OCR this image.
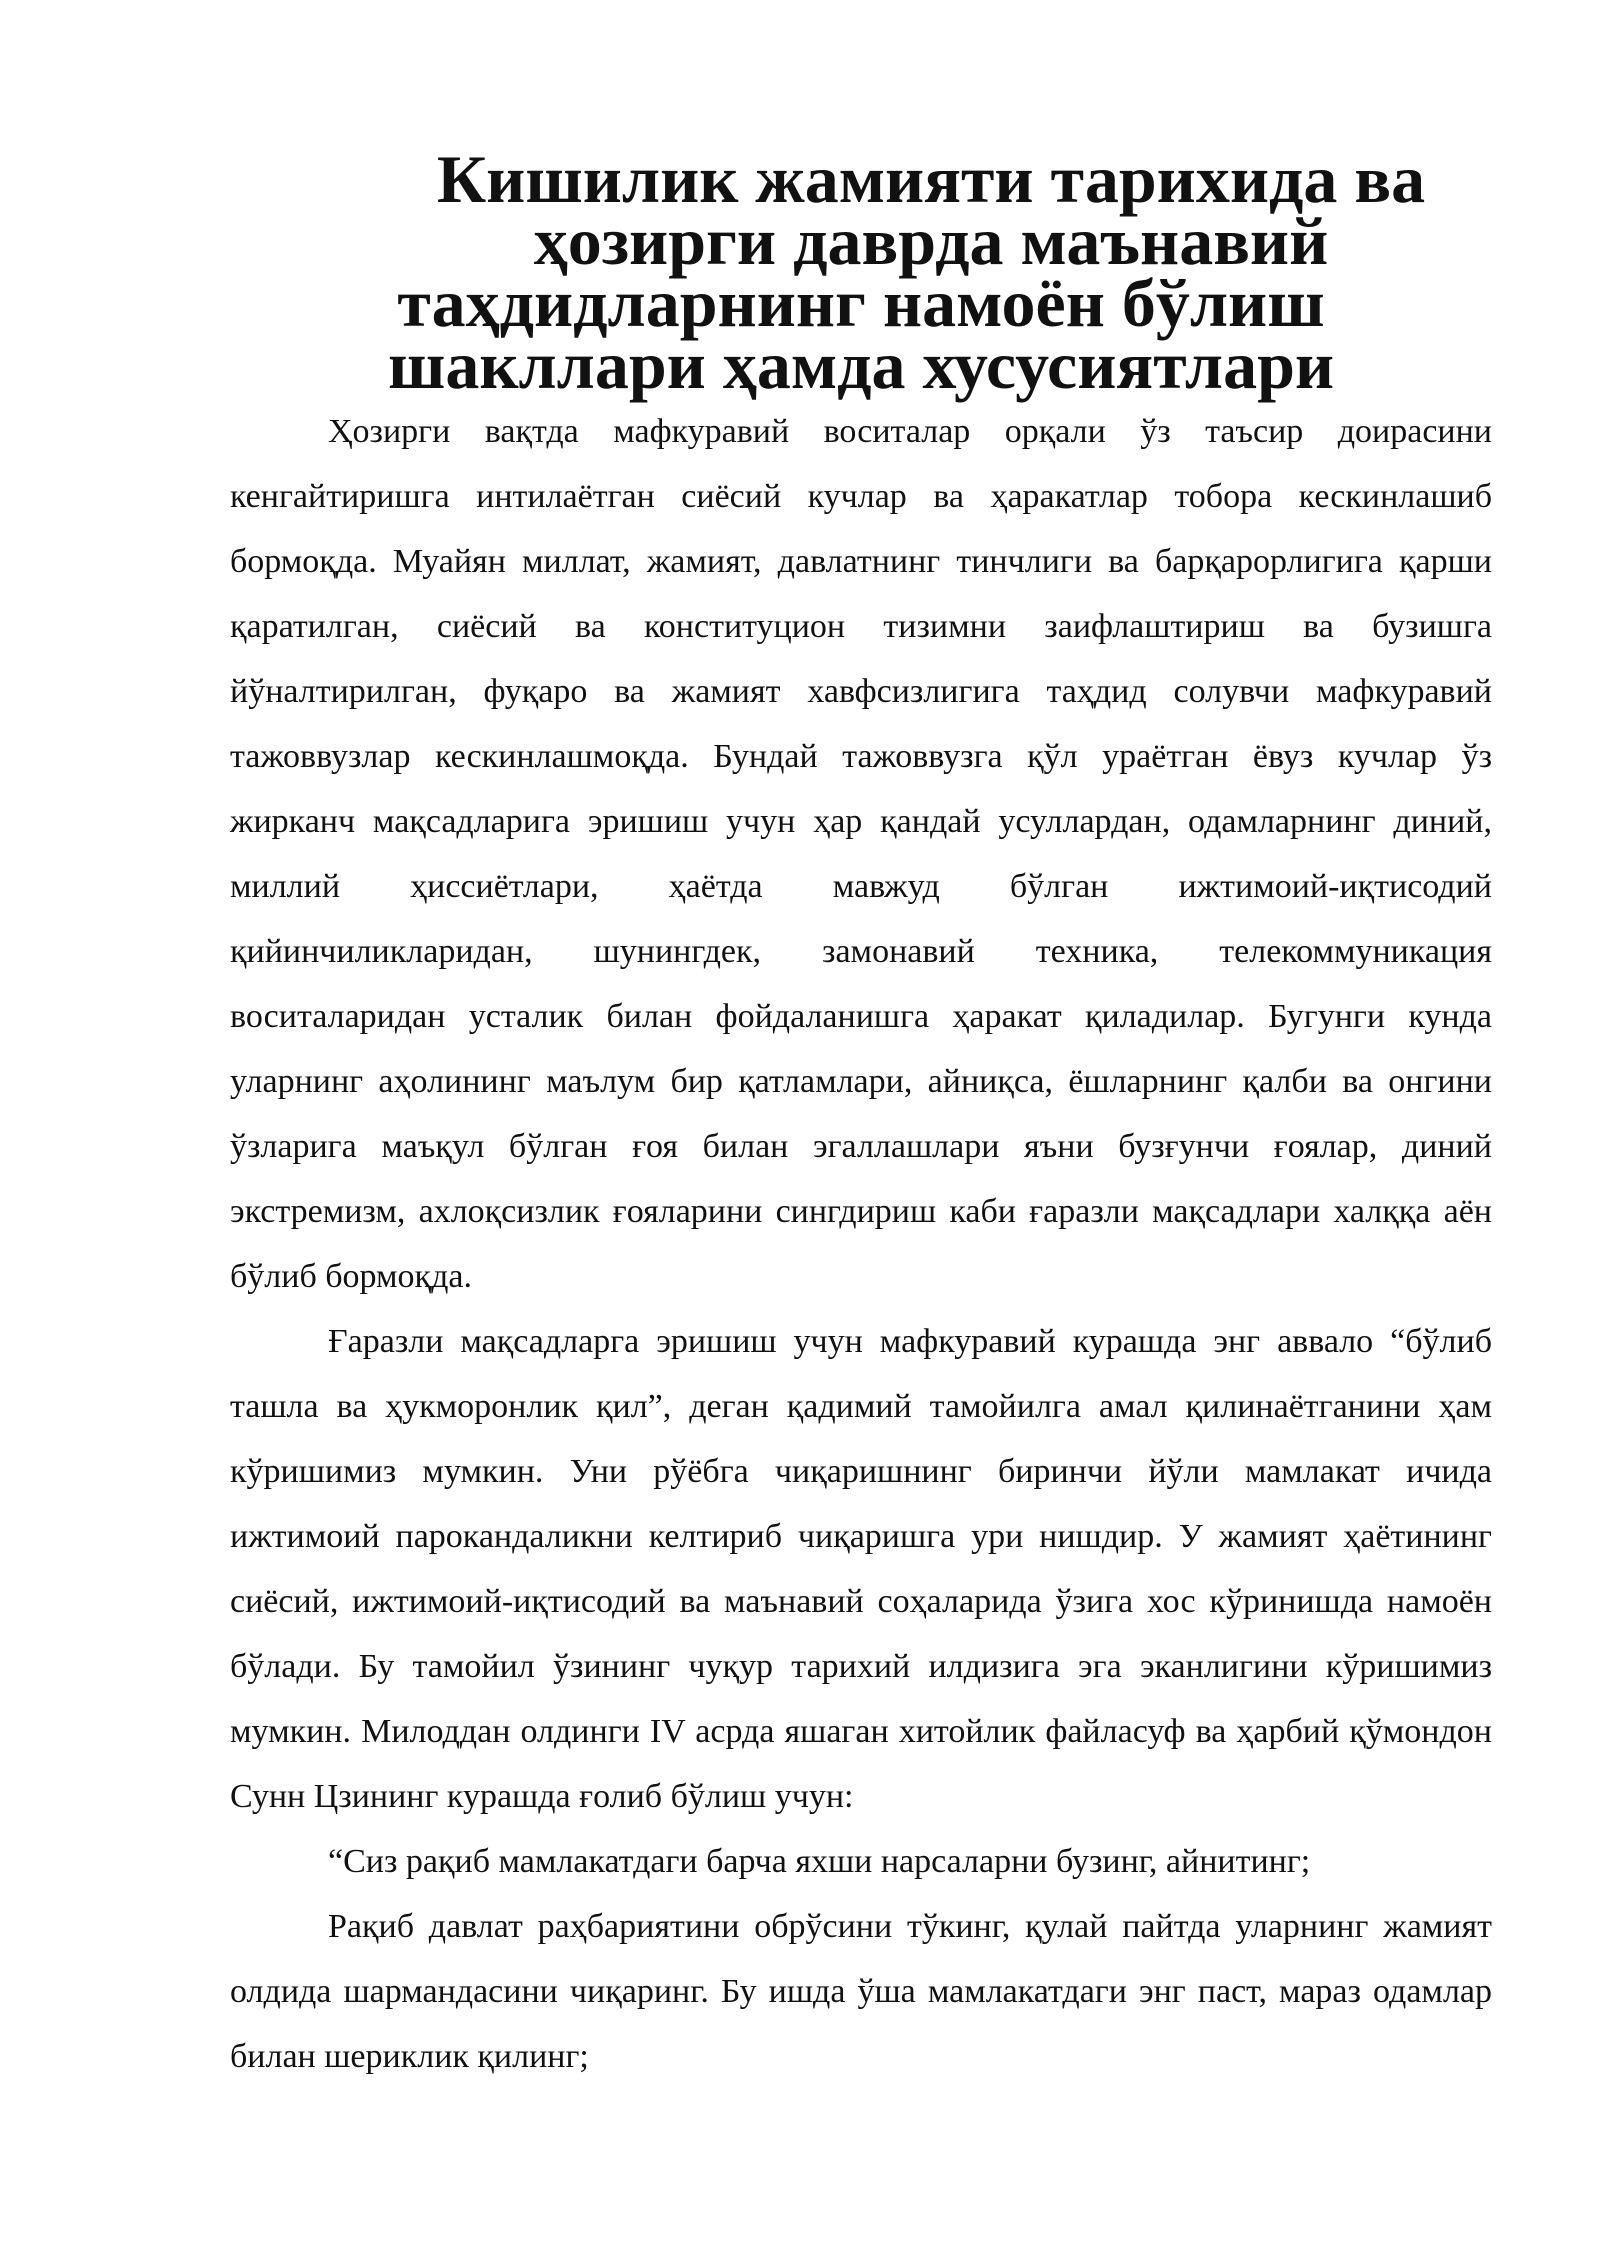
Кишилик жамияти тарихида ва ҳозирги даврда маънавий
таҳдидларнинг намоён бўлиш шакллари ҳамда хусусиятлари

Ҳозирги вақтда мафкуравий воситалар орқали ўз таъсир доирасини кенгайтиришга интилаётган сиёсий кучлар ва ҳаракатлар тобора кескинлашиб бормоқда. Муайян миллат, жамият, давлатнинг тинчлиги ва барқарорлигига қарши қаратилган, сиёсий ва конституцион тизимни заифлаштириш ва бузишга йўналтирилган, фуқаро ва жамият хавфсизлигига таҳдид солувчи мафкуравий тажоввузлар кескинлашмоқда. Бундай тажоввузга қўл ураётган ёвуз кучлар ўз жирканч мақсадларига эришиш учун ҳар қандай усуллардан, одамларнинг диний, миллий ҳиссиётлари, ҳаётда мавжуд бўлган ижтимоий-иқтисодий қийинчиликларидан, шунингдек, замонавий техника, телекоммуникация воситаларидан усталик билан фойдаланишга ҳаракат қиладилар. Бугунги кунда уларнинг аҳолининг маълум бир қатламлари, айниқса, ёшларнинг қалби ва онгини ўзларига маъқул бўлган ғоя билан эгаллашлари яъни бузғунчи ғоялар, диний экстремизм, ахлоқсизлик ғояларини сингдириш каби ғаразли мақсадлари халққа аён бўлиб бормоқда.

Ғаразли мақсадларга эришиш учун мафкуравий курашда энг аввало “бўлиб ташла ва ҳукморонлик қил”, деган қадимий тамойилга амал қилинаётганини ҳам кўришимиз мумкин. Уни рўёбга чиқаришнинг биринчи йўли мамлакат ичида ижтимоий парокандаликни келтириб чиқаришга ури нишдир. У жамият ҳаётининг сиёсий, ижтимоий-иқтисодий ва маънавий соҳаларида ўзига хос кўринишда намоён бўлади. Бу тамойил ўзининг чуқур тарихий илдизига эга эканлигини кўришимиз мумкин. Милоддан олдинги IV асрда яшаган хитойлик файласуф ва ҳарбий қўмондон Сунн Цзининг курашда ғолиб бўлиш учун:

“Сиз рақиб мамлакатдаги барча яхши нарсаларни бузинг, айнитинг;

Рақиб давлат раҳбариятини обрўсини тўкинг, қулай пайтда уларнинг жамият олдида шармандасини чиқаринг. Бу ишда ўша мамлакатдаги энг паст, мараз одамлар билан шериклик қилинг;
